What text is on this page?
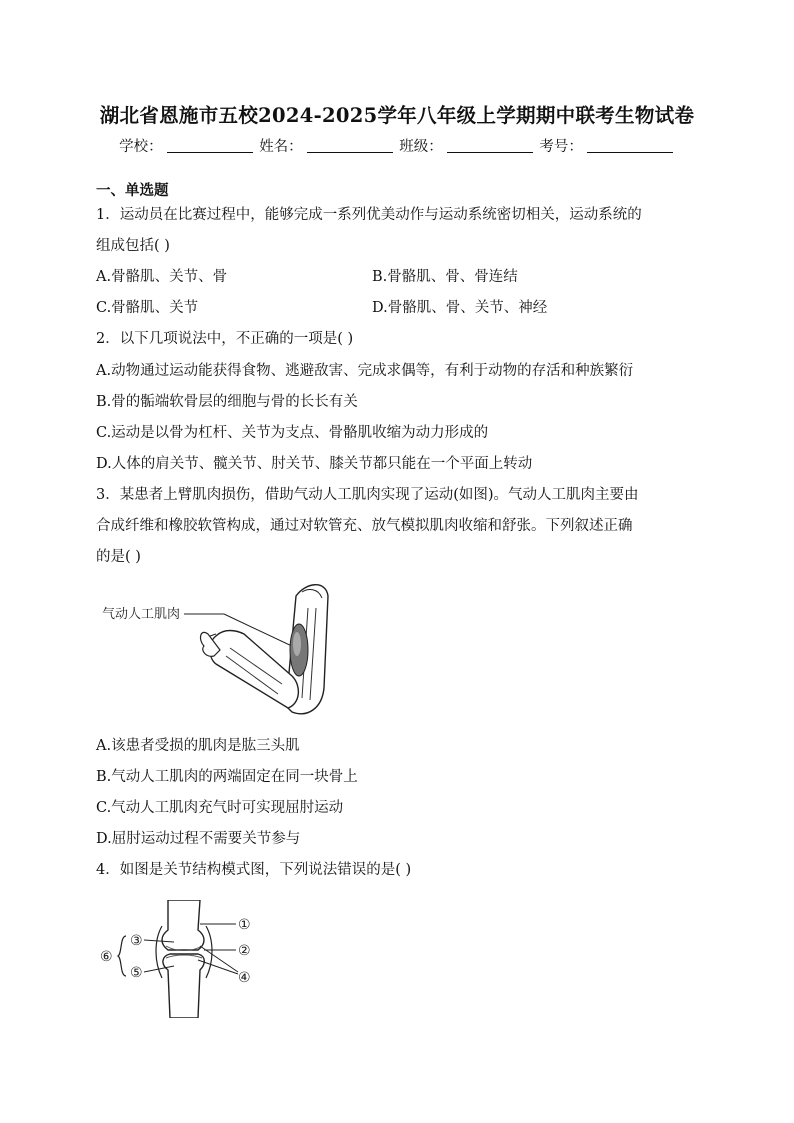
湖北省恩施市五校2024-2025学年八年级上学期期中联考生物试卷
学校：	姓名：	班级：	考号：
一、单选题
1．运动员在比赛过程中，能够完成一系列优美动作与运动系统密切相关，运动系统的
组成包括( )
A.骨骼肌、关节、骨	B.骨骼肌、骨、骨连结
C.骨骼肌、关节	D.骨骼肌、骨、关节、神经
2．以下几项说法中，不正确的一项是( )
A.动物通过运动能获得食物、逃避敌害、完成求偶等，有利于动物的存活和种族繁衍
B.骨的骺端软骨层的细胞与骨的长长有关
C.运动是以骨为杠杆、关节为支点、骨骼肌收缩为动力形成的
D.人体的肩关节、髋关节、肘关节、膝关节都只能在一个平面上转动
3．某患者上臂肌肉损伤，借助气动人工肌肉实现了运动(如图)。气动人工肌肉主要由
合成纤维和橡胶软管构成，通过对软管充、放气模拟肌肉收缩和舒张。下列叙述正确
的是( )
气动人工肌肉
A.该患者受损的肌肉是肱三头肌
B.气动人工肌肉的两端固定在同一块骨上
C.气动人工肌肉充气时可实现屈肘运动
D.屈肘运动过程不需要关节参与
4．如图是关节结构模式图，下列说法错误的是( )
①
②
③
④
⑤
⑥
